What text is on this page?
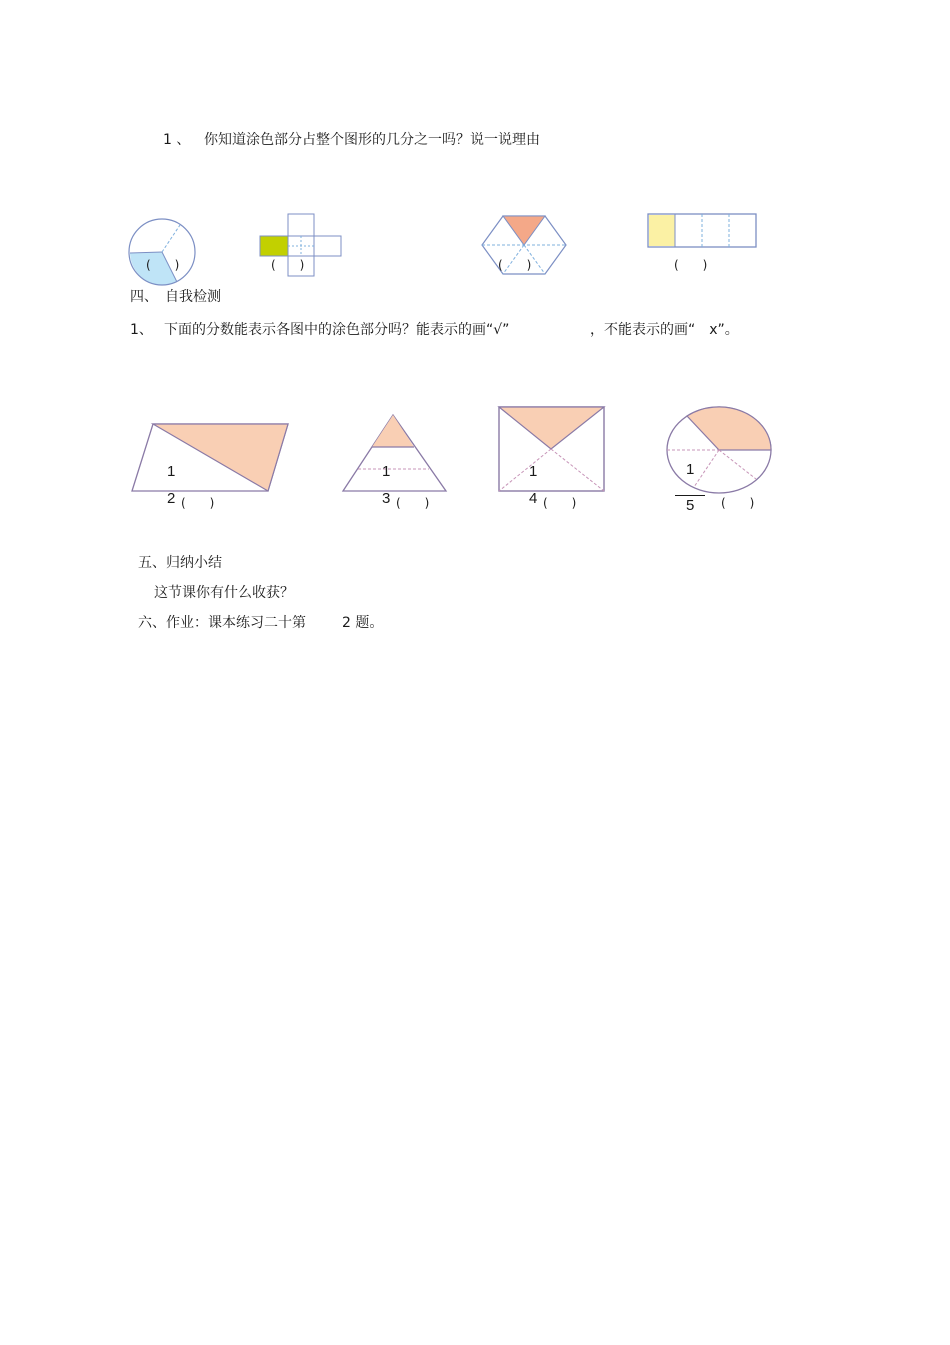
1 、 你知道涂色部分占整个图形的几分之一吗？说一说理由
(　　)	(　　)	(　　)	(　　)
四、　自我检测
1、 下面的分数能表示各图中的涂色部分吗？能表示的画“√”	，不能表示的画“　x”。
1
2 (　　)
1
3 (　　)
1
4 (　　)
1
5 (　　)
五、归纳小结
这节课你有什么收获？
六、作业：课本练习二十第	2 题。
